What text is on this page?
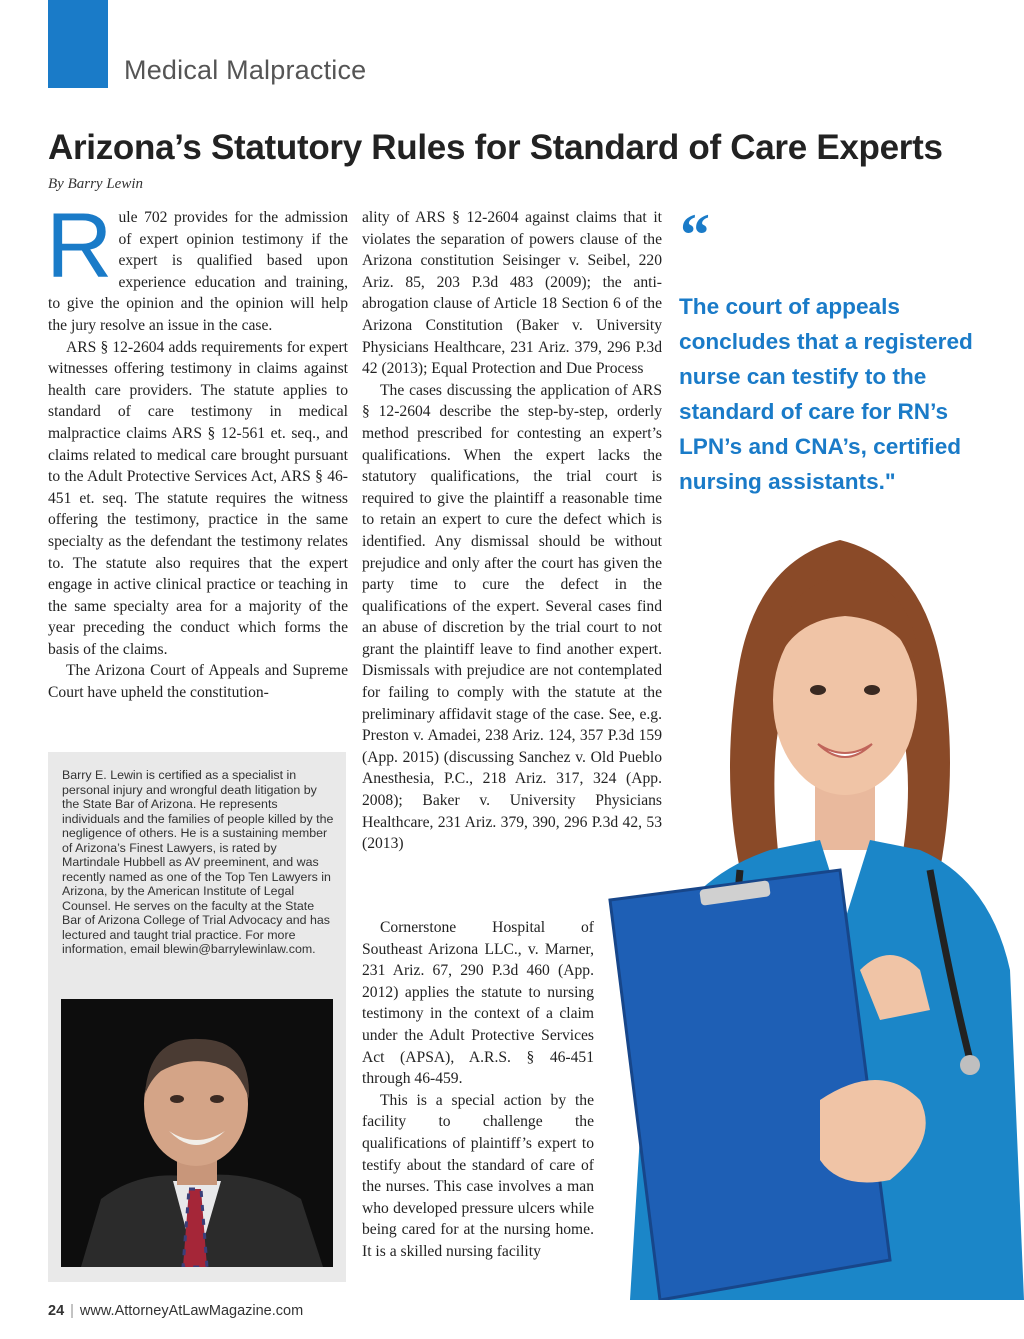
Medical Malpractice
Arizona’s Statutory Rules for Standard of Care Experts
By Barry Lewin

Rule 702 provides for the admission of expert opinion testimony if the expert is qualified based upon experience education and training, to give the opinion and the opinion will help the jury resolve an issue in the case.

ARS § 12-2604 adds requirements for expert witnesses offering testimony in claims against health care providers. The statute applies to standard of care testimony in medical malpractice claims ARS § 12-561 et. seq., and claims related to medical care brought pursuant to the Adult Protective Services Act, ARS § 46-451 et. seq. The statute requires the witness offering the testimony, practice in the same specialty as the defendant the testimony relates to. The statute also requires that the expert engage in active clinical practice or teaching in the same specialty area for a majority of the year preceding the conduct which forms the basis of the claims.

The Arizona Court of Appeals and Supreme Court have upheld the constitution-

ality of ARS § 12-2604 against claims that it violates the separation of powers clause of the Arizona constitution Seisinger v. Seibel, 220 Ariz. 85, 203 P.3d 483 (2009); the anti-abrogation clause of Article 18 Section 6 of the Arizona Constitution (Baker v. University Physicians Healthcare, 231 Ariz. 379, 296 P.3d 42 (2013); Equal Protection and Due Process

The cases discussing the application of ARS § 12-2604 describe the step-by-step, orderly method prescribed for contesting an expert’s qualifications. When the expert lacks the statutory qualifications, the trial court is required to give the plaintiff a reasonable time to retain an expert to cure the defect which is identified. Any dismissal should be without prejudice and only after the court has given the party time to cure the defect in the qualifications of the expert. Several cases find an abuse of discretion by the trial court to not grant the plaintiff leave to find another expert. Dismissals with prejudice are not contemplated for failing to comply with the statute at the preliminary affidavit stage of the case. See, e.g. Preston v. Amadei, 238 Ariz. 124, 357 P.3d 159 (App. 2015) (discussing Sanchez v. Old Pueblo Anesthesia, P.C., 218 Ariz. 317, 324 (App. 2008); Baker v. University Physicians Healthcare, 231 Ariz. 379, 390, 296 P.3d 42, 53 (2013)

Cornerstone Hospital of Southeast Arizona LLC., v. Marner, 231 Ariz. 67, 290 P.3d 460 (App. 2012) applies the statute to nursing testimony in the context of a claim under the Adult Protective Services Act (APSA), A.R.S. § 46-451 through 46-459.

This is a special action by the facility to challenge the qualifications of plaintiff’s expert to testify about the standard of care of the nurses. This case involves a man who developed pressure ulcers while being cared for at the nursing home. It is a skilled nursing facility

Barry E. Lewin is certified as a specialist in personal injury and wrongful death litigation by the State Bar of Arizona. He represents individuals and the families of people killed by the negligence of others. He is a sustaining member of Arizona’s Finest Lawyers, is rated by Martindale Hubbell as AV preeminent, and was recently named as one of the Top Ten Lawyers in Arizona, by the American Institute of Legal Counsel. He serves on the faculty at the State Bar of Arizona College of Trial Advocacy and has lectured and taught trial practice. For more information, email blewin@barrylewinlaw.com.

“

The court of appeals concludes that a registered nurse can testify to the standard of care for RN’s LPN’s and CNA’s, certified nursing assistants."

24 | www.AttorneyAtLawMagazine.com
